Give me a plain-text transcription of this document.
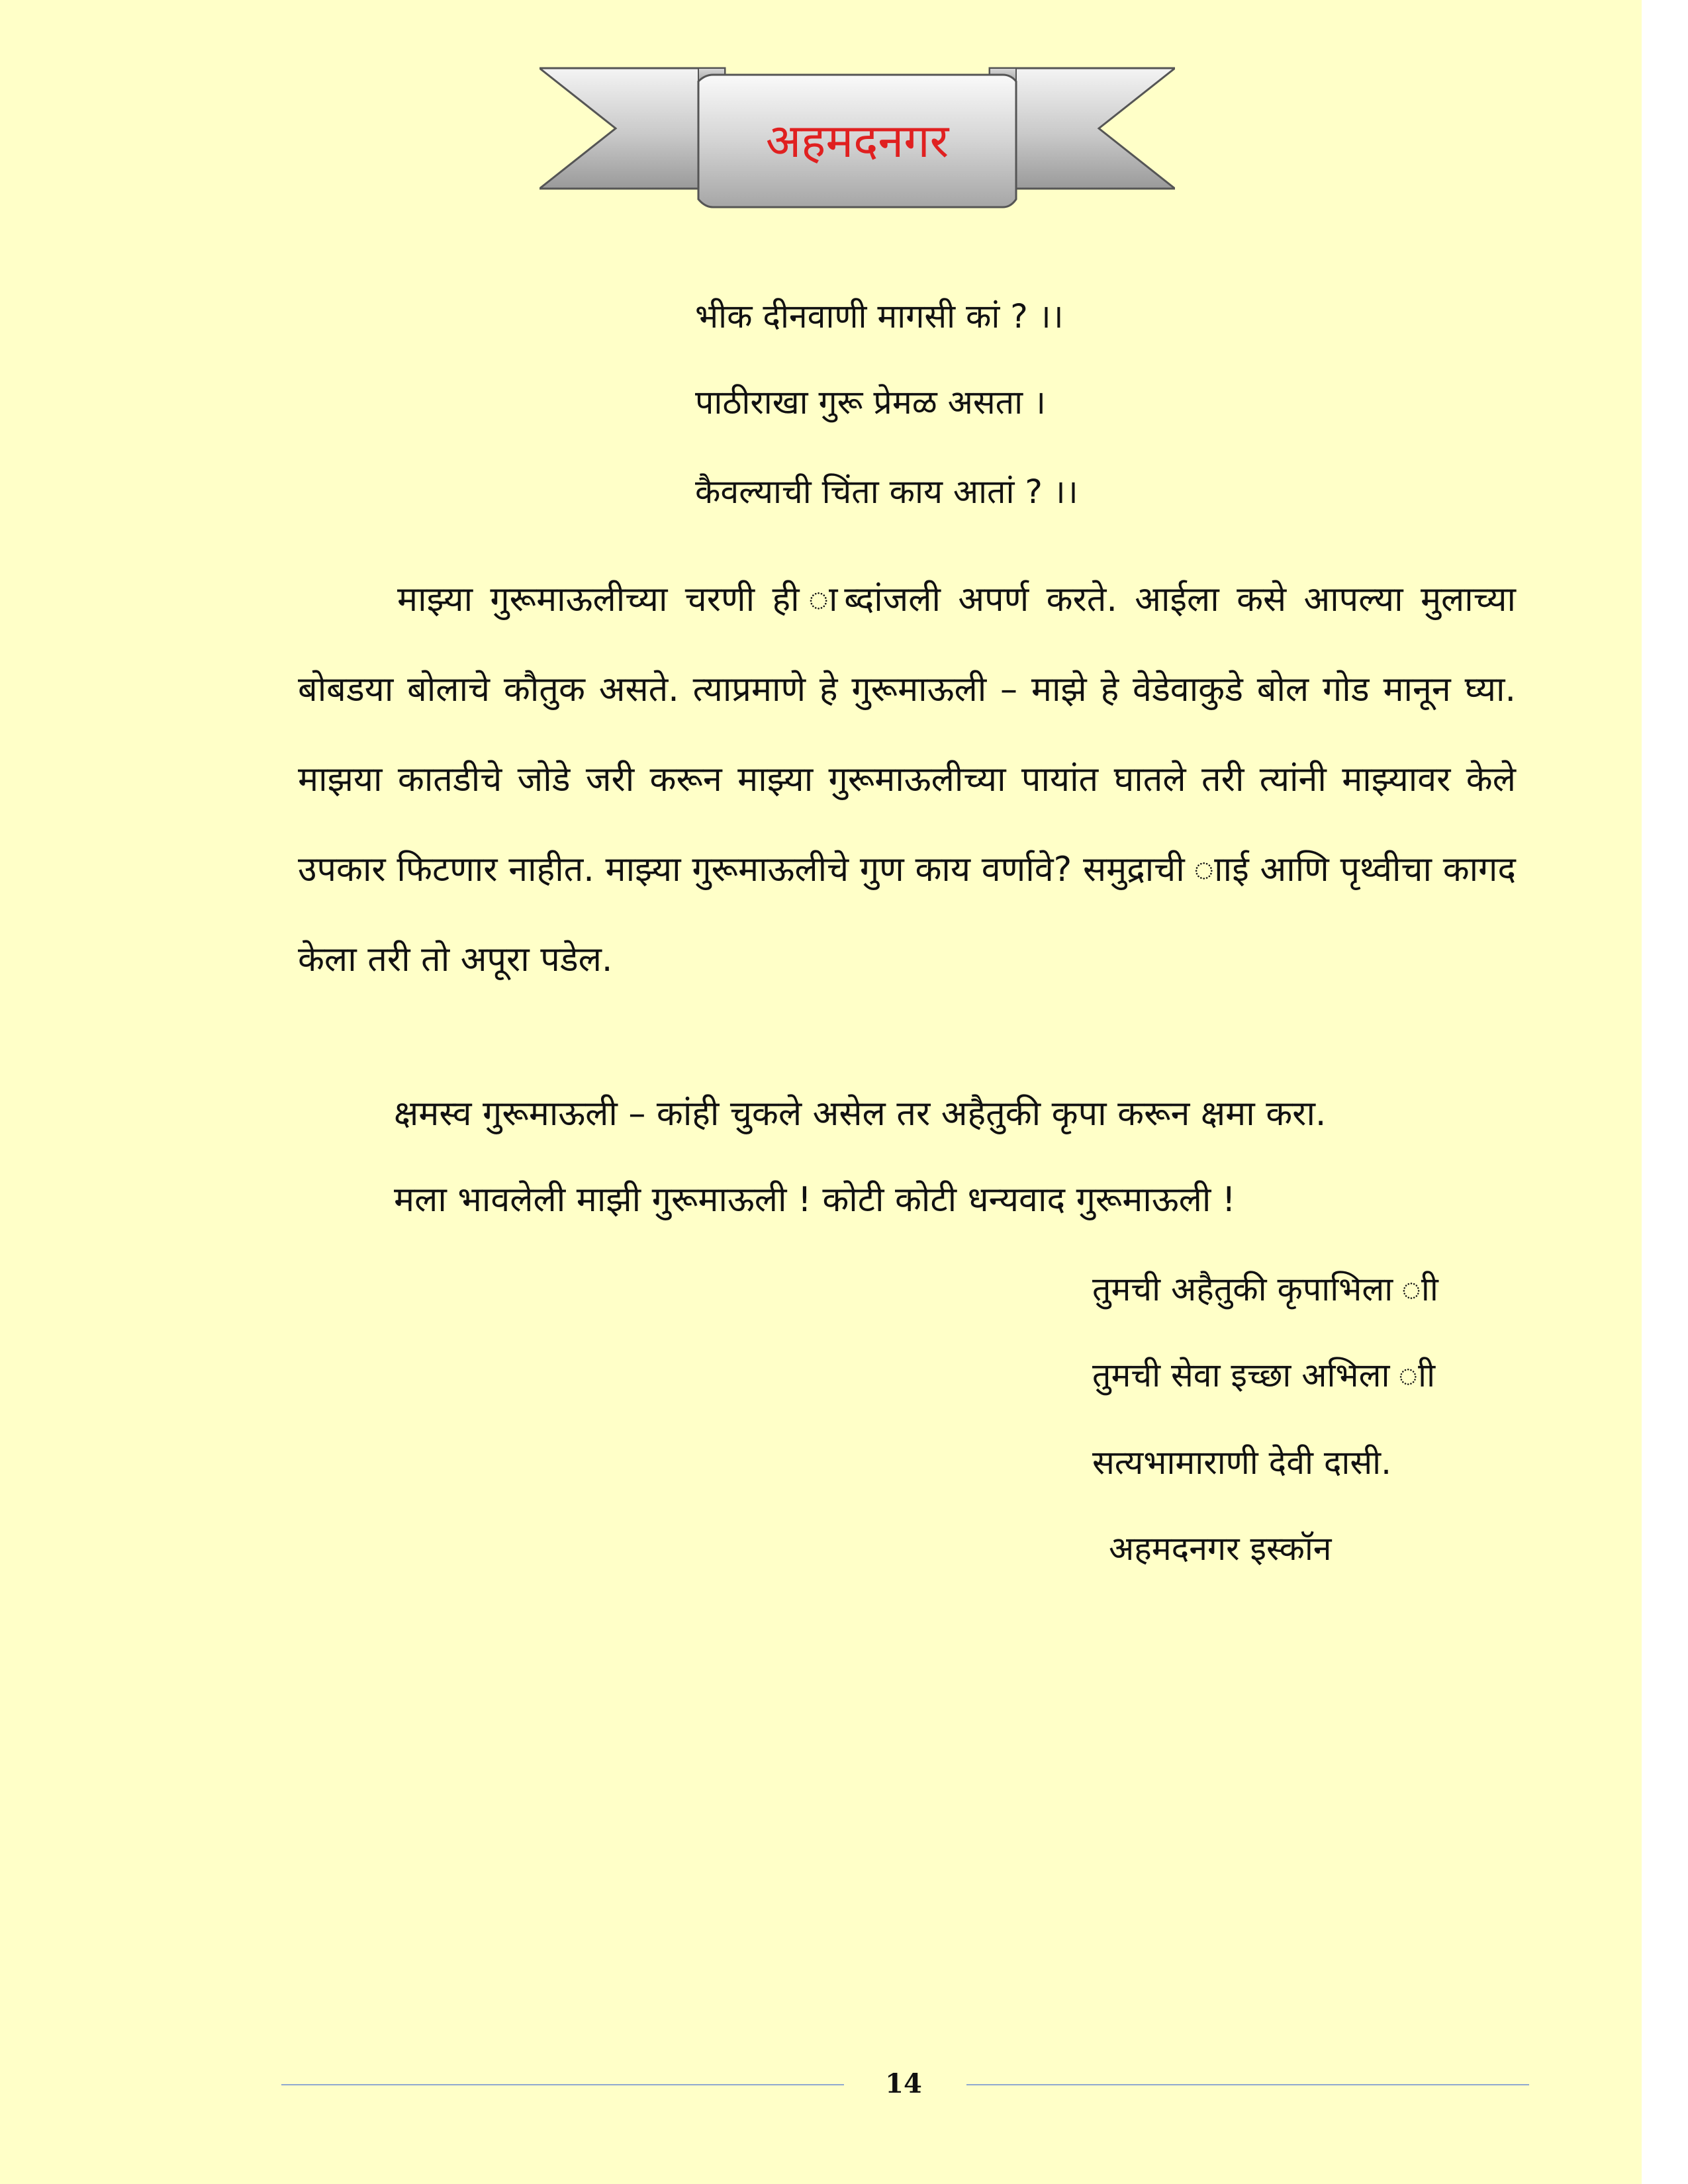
अहमदनगर
भीक दीनवाणी मागसी कां ? ।।
पाठीराखा गुरू प्रेमळ असता ।
कैवल्याची चिंता काय आतां ? ।।
माझ्या गुरूमाऊलीच्या चरणी ही ाब्दांजली अपर्ण करते. आईला कसे आपल्या मुलाच्या बोबडया बोलाचे कौतुक असते. त्याप्रमाणे हे गुरूमाऊली – माझे हे वेडेवाकुडे बोल गोड मानून घ्या. माझया कातडीचे जोडे जरी करून माझ्या गुरूमाऊलीच्या पायांत घातले तरी त्यांनी माझ्यावर केले उपकार फिटणार नाहीत. माझ्या गुरूमाऊलीचे गुण काय वर्णावे? समुद्राची ााई आणि पृथ्वीचा कागद केला तरी तो अपूरा पडेल.
क्षमस्व गुरूमाऊली – कांही चुकले असेल तर अहैतुकी कृपा करून क्षमा करा.
मला भावलेली माझी गुरूमाऊली ! कोटी कोटी धन्यवाद गुरूमाऊली !
तुमची अहैतुकी कृपाभिला ाी
तुमची सेवा इच्छा अभिला ाी
सत्यभामाराणी देवी दासी.
अहमदनगर इस्कॉन
14
